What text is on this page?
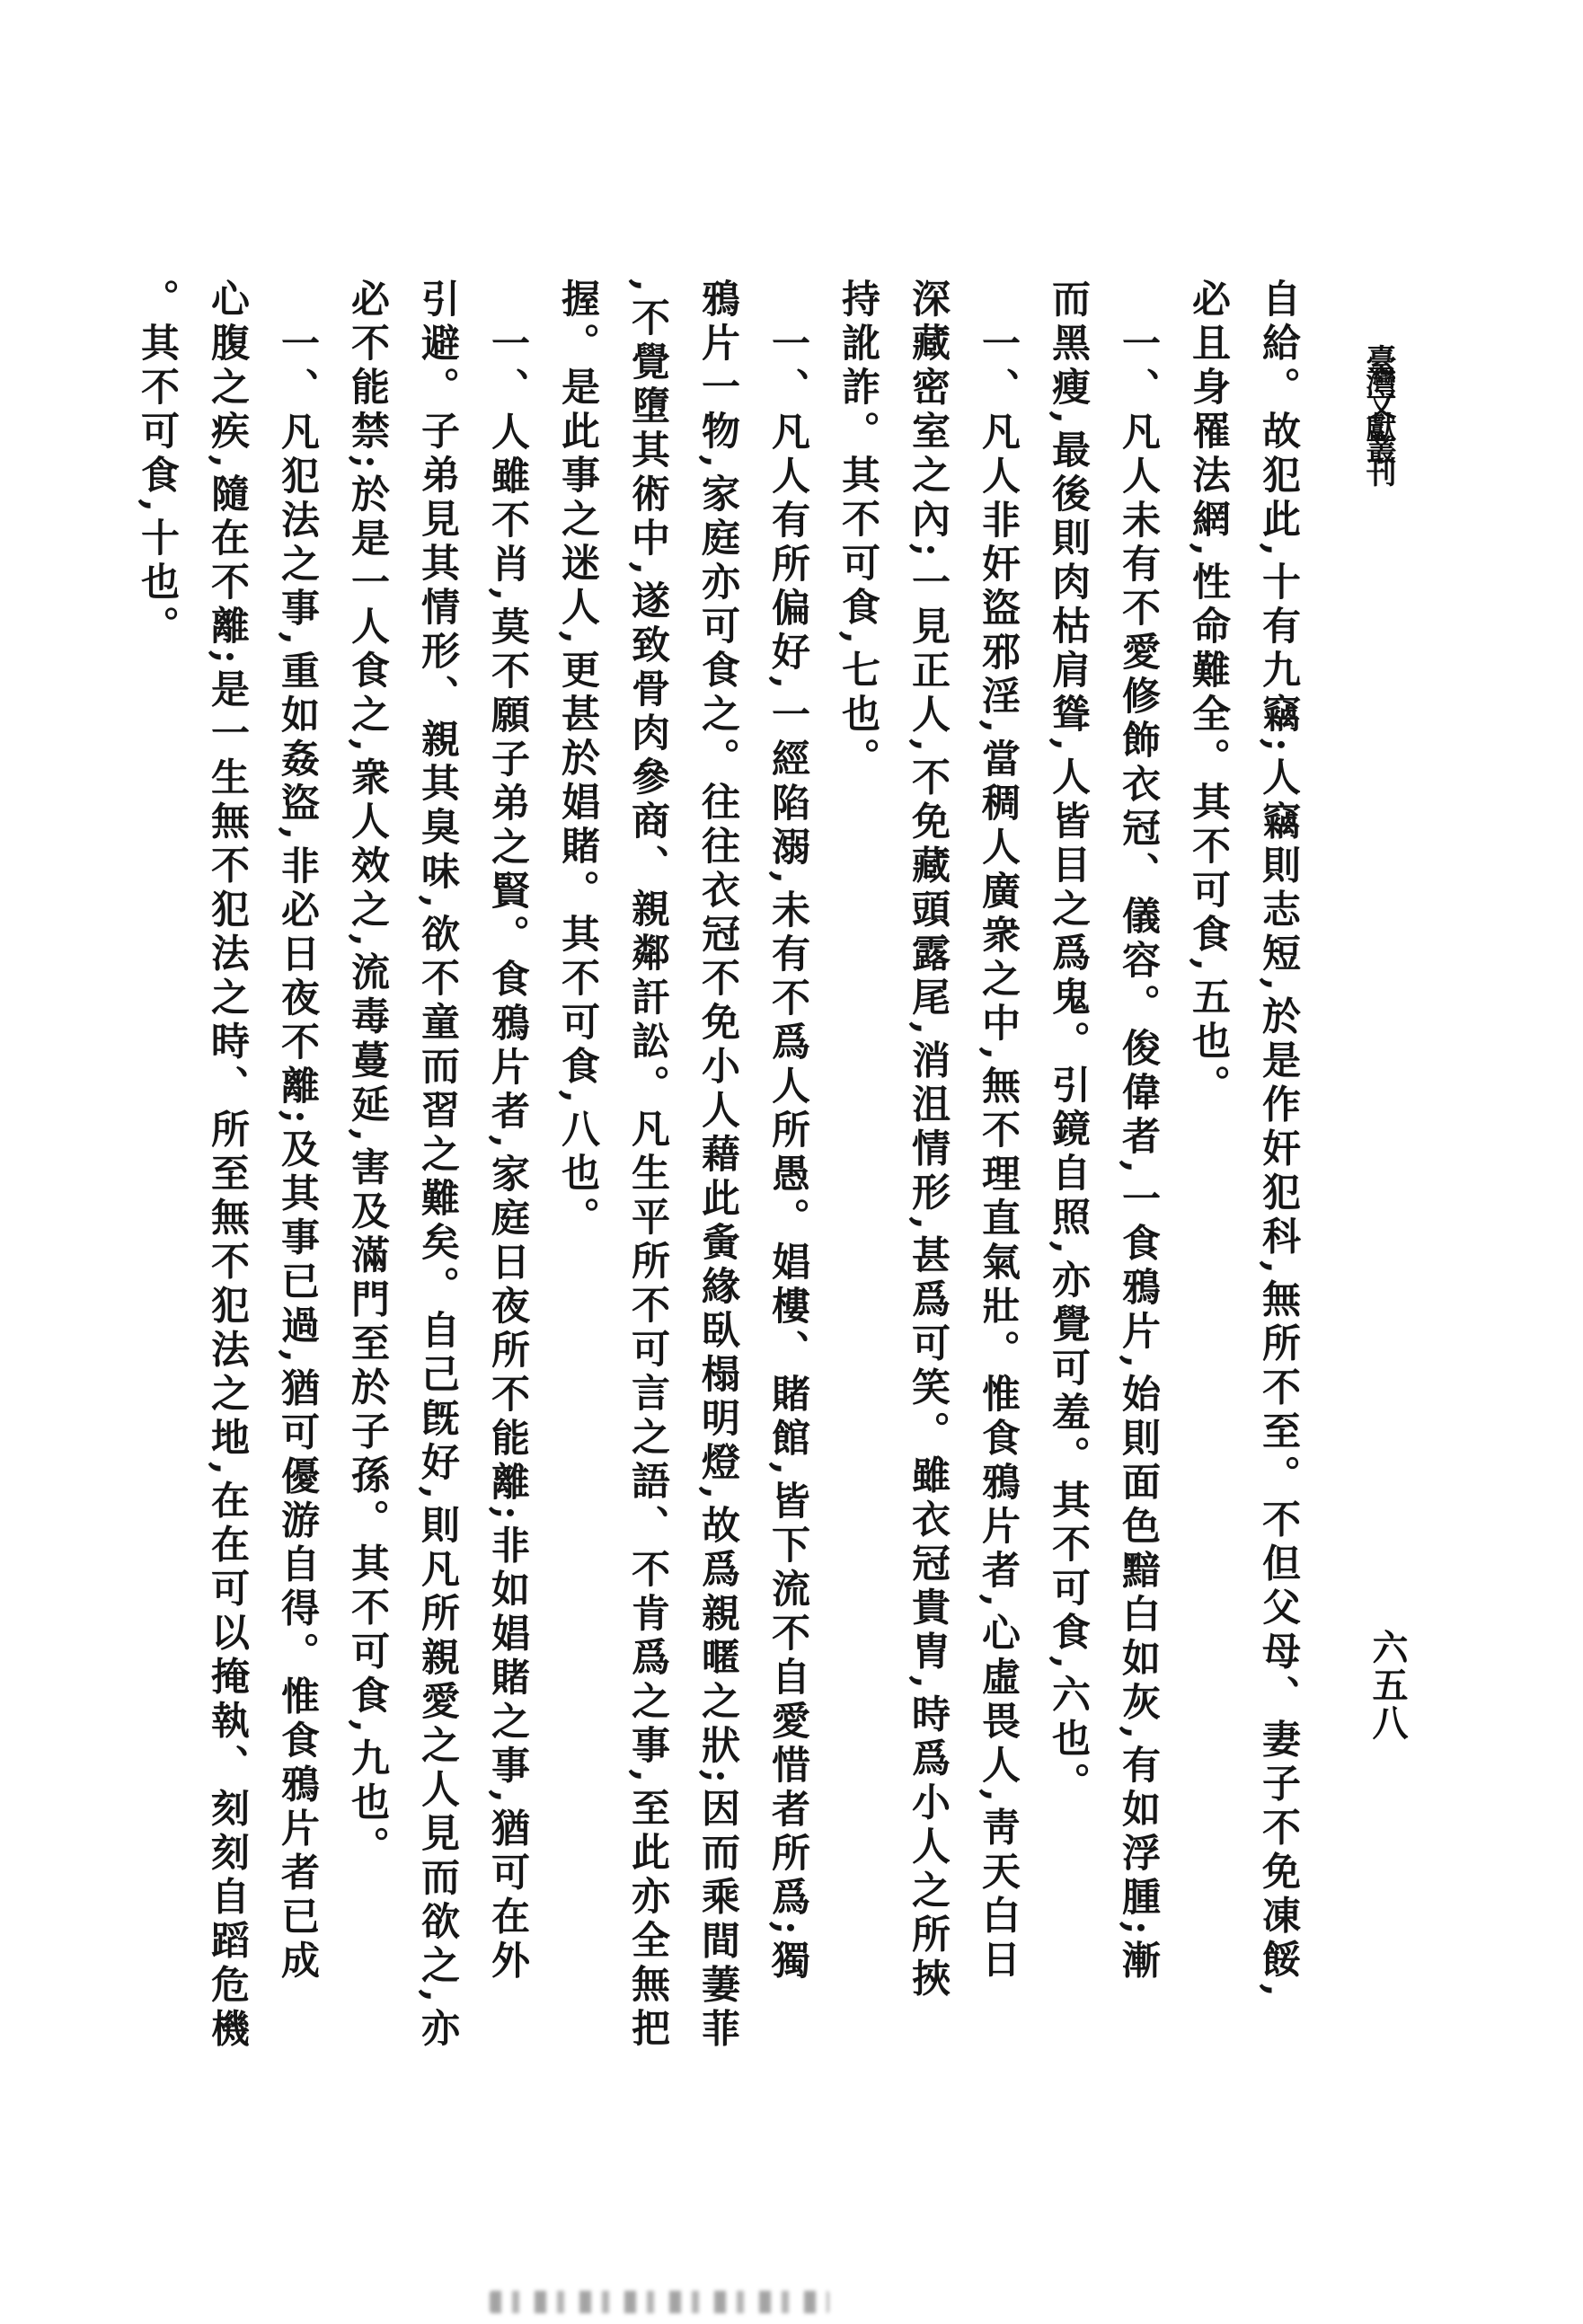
臺灣文獻叢刊
六五八
自給。故犯此,十有九竊;人竊則志短,於是作奸犯科,無所不至。不但父母、妻子不免凍餒,
必且身罹法網,性命難全。其不可食,五也。
一、凡人未有不愛修飾衣冠、儀容。俊偉者,一食鴉片,始則面色黯白如灰,有如浮腫;漸
而黑瘦,最後則肉枯肩聳,人皆目之爲鬼。引鏡自照,亦覺可羞。其不可食,六也。
一、凡人非奸盜邪淫,當稠人廣衆之中,無不理直氣壯。惟食鴉片者,心虛畏人,靑天白日
深藏密室之內;一見正人,不免藏頭露尾,消沮情形,甚爲可笑。雖衣冠貴胄,時爲小人之所挾
持訛詐。其不可食,七也。
一、凡人有所偏好,一經陷溺,未有不爲人所愚。娼樓、賭館,皆下流不自愛惜者所爲;獨
鴉片一物,家庭亦可食之。往往衣冠不免小人藉此夤緣臥榻明燈,故爲親暱之狀;因而乘間萋菲
,不覺墮其術中,遂致骨肉參商、親鄰訐訟。凡生平所不可言之語、不肯爲之事,至此亦全無把
握。是此事之迷人,更甚於娼賭。其不可食,八也。
一、人雖不肖,莫不願子弟之賢。食鴉片者,家庭日夜所不能離;非如娼賭之事,猶可在外
引避。子弟見其情形、親其臭味,欲不童而習之難矣。自己旣好,則凡所親愛之人見而欲之,亦
必不能禁;於是一人食之,衆人效之,流毒蔓延,害及滿門至於子孫。其不可食,九也。
一、凡犯法之事,重如姦盜,非必日夜不離;及其事已過,猶可優游自得。惟食鴉片者已成
心腹之疾,隨在不離;是一生無不犯法之時、所至無不犯法之地,在在可以掩執、刻刻自蹈危機
。其不可食,十也。
